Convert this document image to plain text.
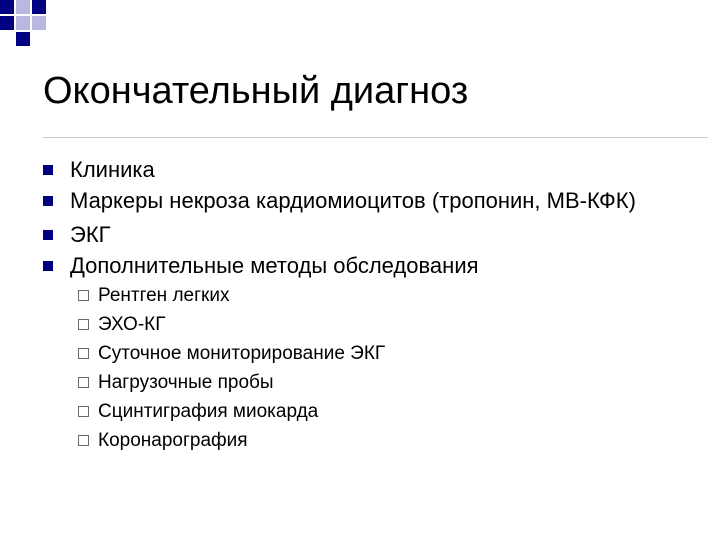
Окончательный диагноз
Клиника
Маркеры некроза кардиомиоцитов (тропонин, МВ-КФК)
ЭКГ
Дополнительные методы обследования
Рентген легких
ЭХО-КГ
Суточное мониторирование ЭКГ
Нагрузочные пробы
Сцинтиграфия миокарда
Коронарография
